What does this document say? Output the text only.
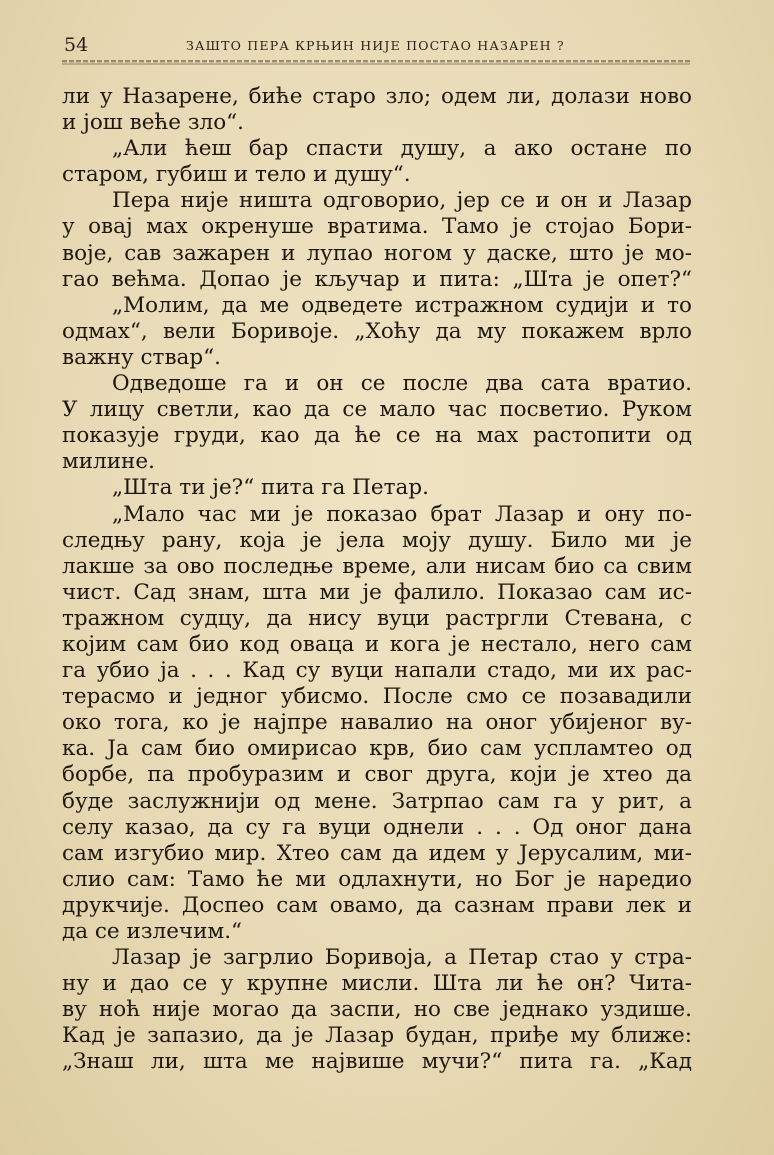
54	ЗАШТО ПЕРА КРЊИН НИЈЕ ПОСТАО НАЗАРЕН ?
ли у Назарене, биће старо зло; одем ли, долази ново
и још веће зло“.
„Али ћеш бар спасти душу, а ако остане по
старом, губиш и тело и душу“.
Пера није ништа одговорио, јер се и он и Лазар
у овај мах окренуше вратима. Тамо је стојао Бори-
воје, сав зажарен и лупао ногом у даске, што је мо-
гао већма. Допао је кључар и пита: „Шта је опет?“
„Молим, да ме одведете истражном судији и то
одмах“, вели Боривоје. „Хоћу да му покажем врло
важну ствар“.
Одведоше га и он се после два сата вратио.
У лицу светли, као да се мало час посветио. Руком
показује груди, као да ће се на мах растопити од
милине.
„Шта ти је?“ пита га Петар.
„Мало час ми је показао брат Лазар и ону по-
следњу рану, која је јела моју душу. Било ми је
лакше за ово последње време, али нисам био са свим
чист. Сад знам, шта ми је фалило. Показао сам ис-
тражном судцу, да нису вуци растргли Стевана, с
којим сам био код оваца и кога је нестало, него сам
га убио ја . . . Кад су вуци напали стадо, ми их рас-
терасмо и једног убисмо. После смо се позавадили
око тога, ко је најпре навалио на оног убијеног ву-
ка. Ја сам био омирисао крв, био сам успламтео од
борбе, па пробуразим и свог друга, који је хтео да
буде заслужнији од мене. Затрпао сам га у рит, а
селу казао, да су га вуци однели . . . Од оног дана
сам изгубио мир. Хтео сам да идем у Јерусалим, ми-
слио сам: Тамо ће ми одлахнути, но Бог је наредио
друкчије. Доспео сам овамо, да сазнам прави лек и
да се излечим.“
Лазар је загрлио Боривоја, а Петар стао у стра-
ну и дао се у крупне мисли. Шта ли ће он? Чита-
ву ноћ није могао да заспи, но све једнако уздише.
Кад је запазио, да је Лазар будан, приђе му ближе:
„Знаш ли, шта ме највише мучи?“ пита га. „Кад
